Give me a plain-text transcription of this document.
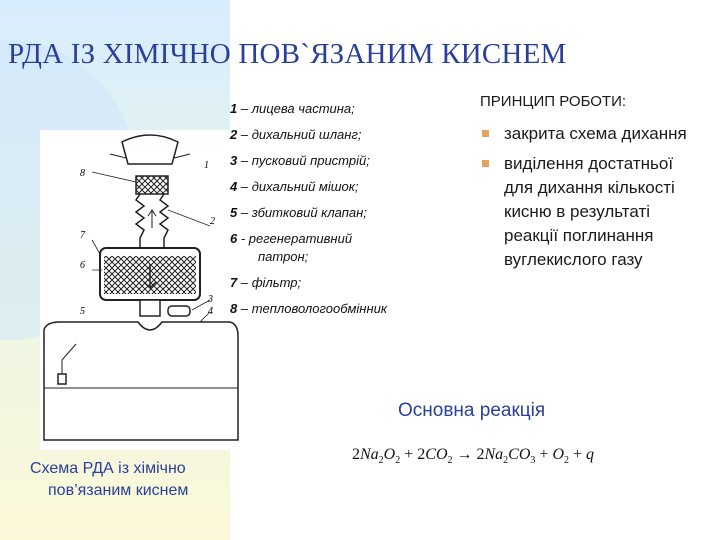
РДА ІЗ ХІМІЧНО ПОВ`ЯЗАНИМ КИСНЕМ
8
1
2
7
6
3
4
5
Схема РДА із хімічно
пов’язаним киснем
1 – лицева частина;
2 – дихальний шланг;
3 – пусковий пристрій;
4 – дихальний мішок;
5 – збитковий клапан;
6 - регенеративний
патрон;
7 – фільтр;
8 – тепловологообмінник
ПРИНЦИП РОБОТИ:
закрита схема дихання
виділення достатньої для дихання кількості кисню в результаті реакції поглинання вуглекислого газу
Основна реакція
$2Na_2O_2 + 2CO_2 \to 2Na_2CO_3 + O_2 + q$
